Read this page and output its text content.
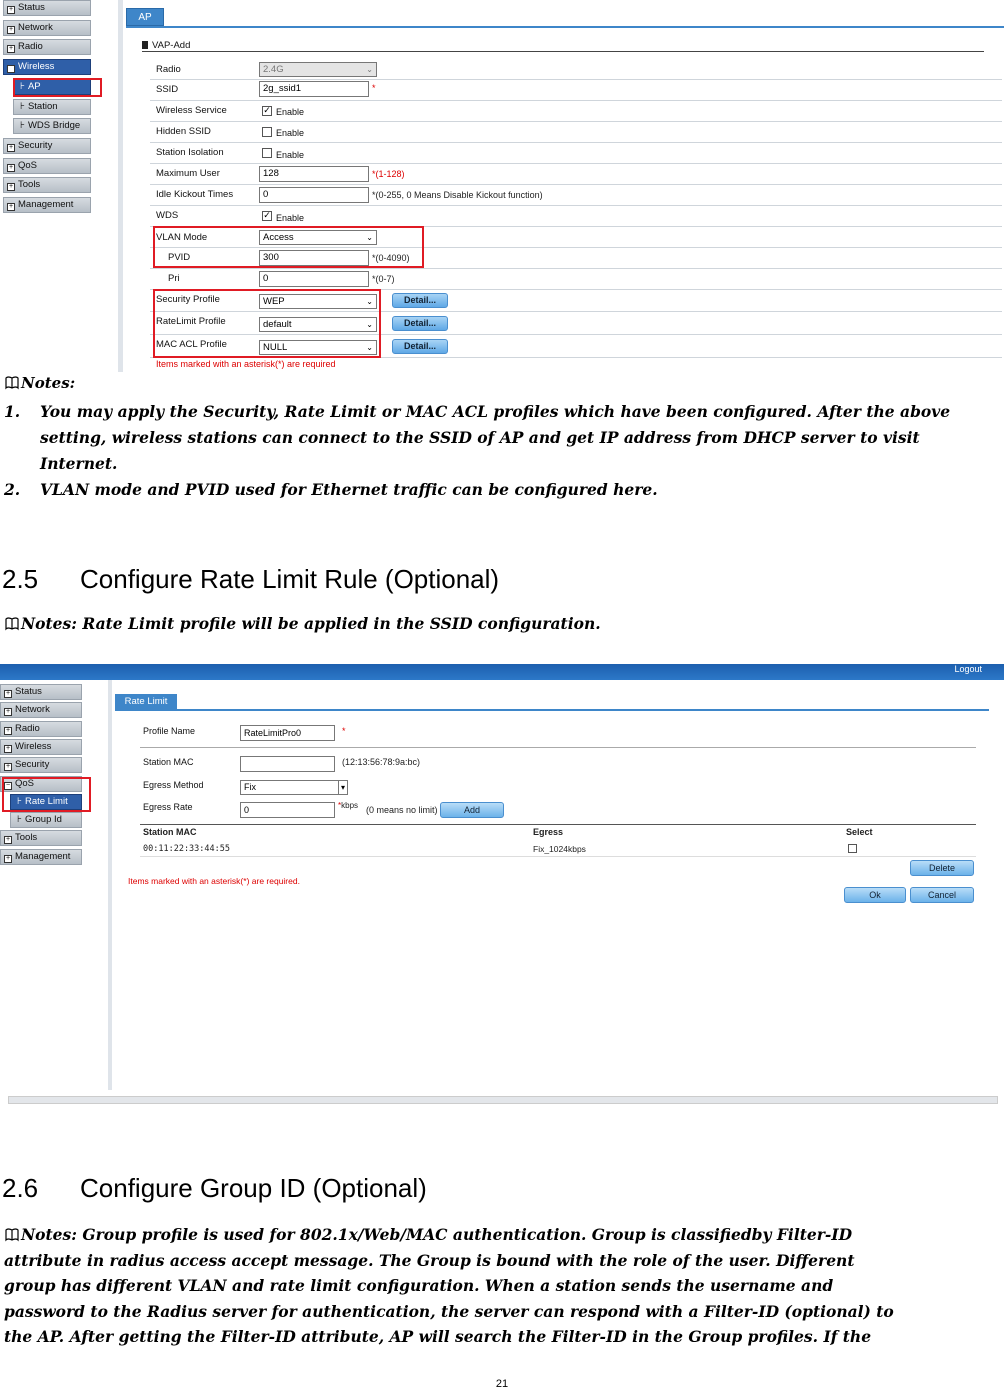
+ Status
+ Network
+ Radio
− Wireless
⊦ AP
⊦ Station
⊦ WDS Bridge
+ Security
+ QoS
+ Tools
+ Management
AP
VAP-Add
Radio	2.4G	⌄
SSID	2g_ssid1	*
Wireless Service	✓ Enable
Hidden SSID	Enable
Station Isolation	Enable
Maximum User	128	*(1-128)
Idle Kickout Times	0	*(0-255, 0 Means Disable Kickout function)
WDS	✓ Enable
VLAN Mode	Access	⌄
PVID	300	*(0-4090)
Pri	0	*(0-7)
Security Profile	WEP	⌄	Detail...
RateLimit Profile	default	⌄	Detail...
MAC ACL Profile	NULL	⌄	Detail...
Items marked with an asterisk(*) are required
Notes:
1.	You may apply the Security, Rate Limit or MAC ACL profiles which have been configured. After the above setting, wireless stations can connect to the SSID of AP and get IP address from DHCP server to visit Internet.
2.	VLAN mode and PVID used for Ethernet traffic can be configured here.
2.5 Configure Rate Limit Rule (Optional)
Notes: Rate Limit profile will be applied in the SSID configuration.
Logout
+ Status
+ Network
+ Radio
+ Wireless
+ Security
− QoS
⊦ Rate Limit
⊦ Group Id
+ Tools
+ Management
Rate Limit
Profile Name	RateLimitPro0	*
Station MAC	(12:13:56:78:9a:bc)
Egress Method	Fix	▾
Egress Rate	0	*kbps (0 means no limit)	Add
Station MAC	Egress	Select
00:11:22:33:44:55	Fix_1024kbps
Delete
Items marked with an asterisk(*) are required.
Ok	Cancel
2.6 Configure Group ID (Optional)
Notes: Group profile is used for 802.1x/Web/MAC authentication. Group is classifiedby Filter-ID
attribute in radius access accept message. The Group is bound with the role of the user. Different
group has different VLAN and rate limit configuration. When a station sends the username and
password to the Radius server for authentication, the server can respond with a Filter-ID (optional) to
the AP. After getting the Filter-ID attribute, AP will search the Filter-ID in the Group profiles. If the
21
